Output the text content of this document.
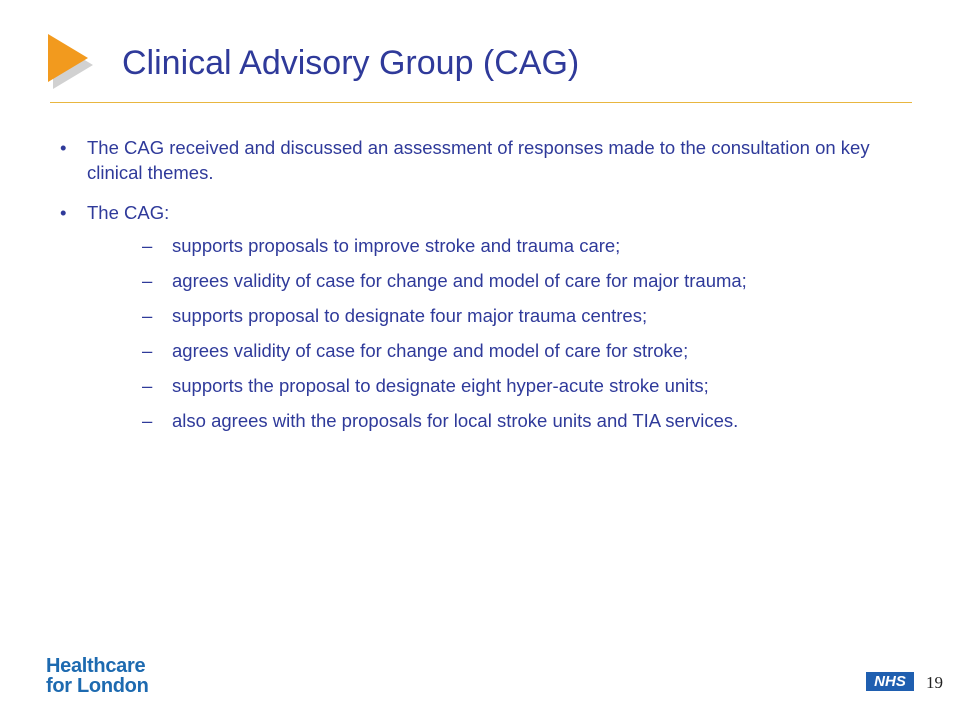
Clinical Advisory Group (CAG)
• The CAG received and discussed an assessment of responses made to the consultation on key clinical themes.
• The CAG:
– supports proposals to improve stroke and trauma care;
– agrees validity of case for change and model of care for major trauma;
– supports proposal to designate four major trauma centres;
– agrees validity of case for change and model of care for stroke;
– supports the proposal to designate eight hyper-acute stroke units;
– also agrees with the proposals for local stroke units and TIA services.
Healthcare
for London	NHS	19
